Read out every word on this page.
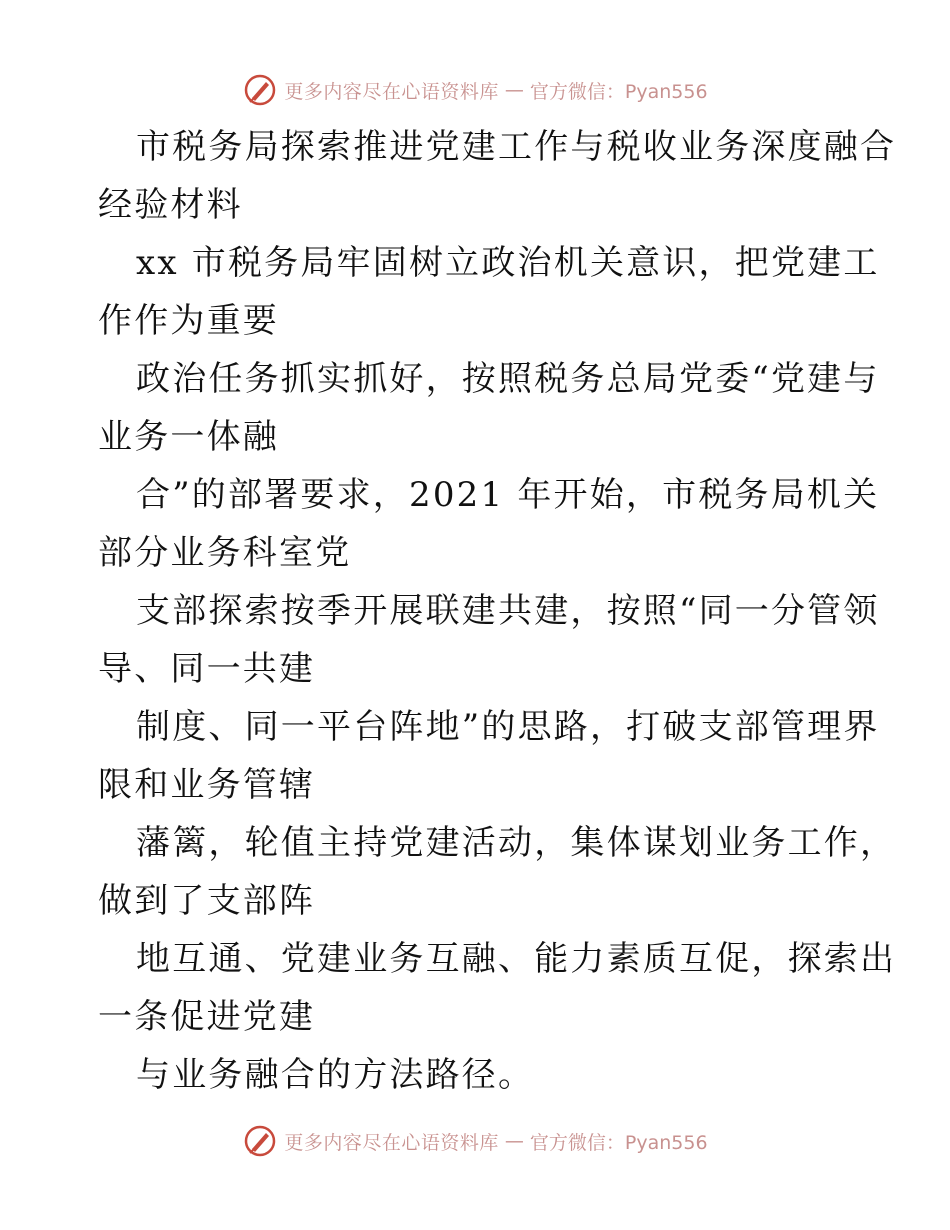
更多内容尽在心语资料库 — 官方微信：Pyan556
市税务局探索推进党建工作与税收业务深度融合
经验材料
xx 市税务局牢固树立政治机关意识，把党建工
作作为重要
政治任务抓实抓好，按照税务总局党委“党建与
业务一体融
合”的部署要求，2021 年开始，市税务局机关
部分业务科室党
支部探索按季开展联建共建，按照“同一分管领
导、同一共建
制度、同一平台阵地”的思路，打破支部管理界
限和业务管辖
藩篱，轮值主持党建活动，集体谋划业务工作，
做到了支部阵
地互通、党建业务互融、能力素质互促，探索出
一条促进党建
与业务融合的方法路径。
更多内容尽在心语资料库 — 官方微信：Pyan556
